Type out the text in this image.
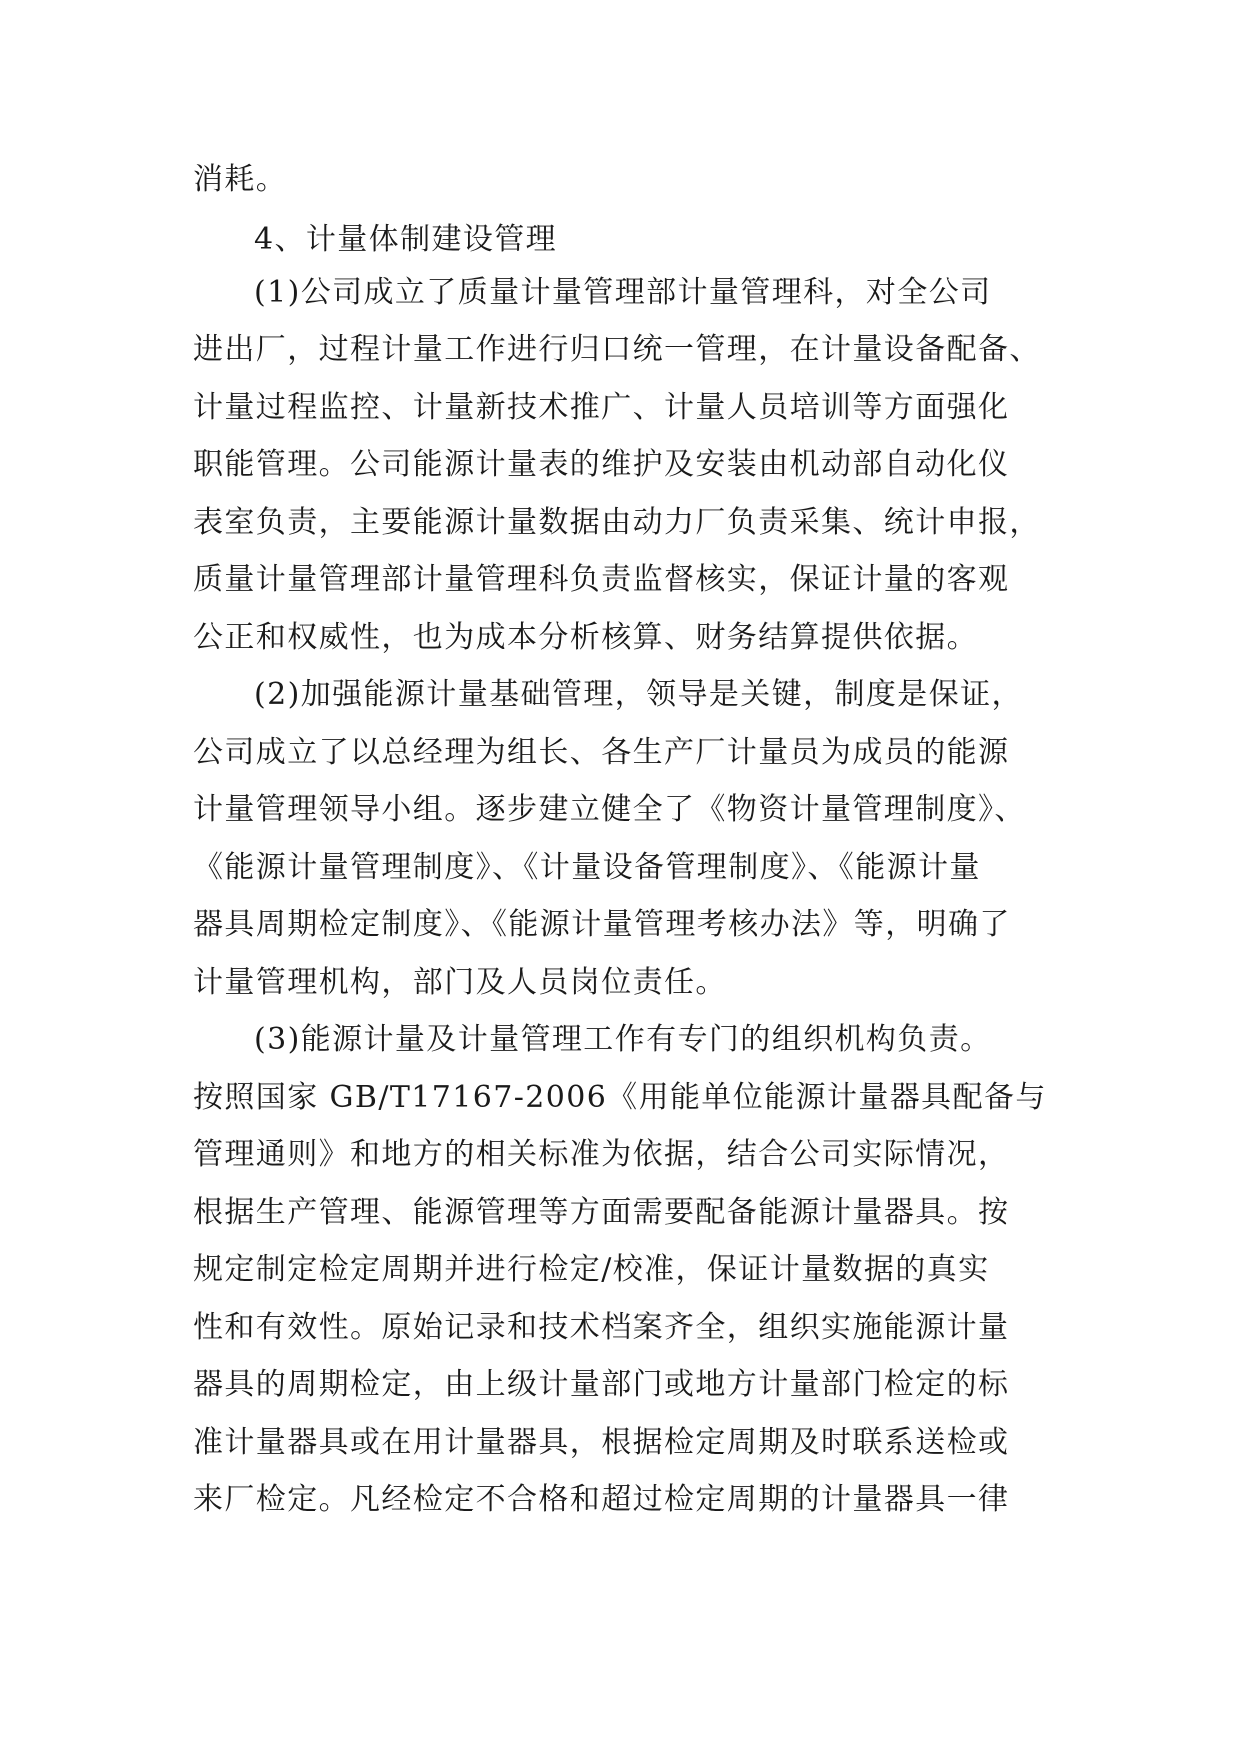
消耗。
4、计量体制建设管理
(1)公司成立了质量计量管理部计量管理科，对全公司
进出厂，过程计量工作进行归口统一管理，在计量设备配备、
计量过程监控、计量新技术推广、计量人员培训等方面强化
职能管理。公司能源计量表的维护及安装由机动部自动化仪
表室负责，主要能源计量数据由动力厂负责采集、统计申报，
质量计量管理部计量管理科负责监督核实，保证计量的客观
公正和权威性，也为成本分析核算、财务结算提供依据。
(2)加强能源计量基础管理，领导是关键，制度是保证，
公司成立了以总经理为组长、各生产厂计量员为成员的能源
计量管理领导小组。逐步建立健全了《物资计量管理制度》、
《能源计量管理制度》、《计量设备管理制度》、《能源计量
器具周期检定制度》、《能源计量管理考核办法》等，明确了
计量管理机构，部门及人员岗位责任。
(3)能源计量及计量管理工作有专门的组织机构负责。
按照国家 GB/T17167-2006《用能单位能源计量器具配备与
管理通则》和地方的相关标准为依据，结合公司实际情况，
根据生产管理、能源管理等方面需要配备能源计量器具。按
规定制定检定周期并进行检定/校准，保证计量数据的真实
性和有效性。原始记录和技术档案齐全，组织实施能源计量
器具的周期检定，由上级计量部门或地方计量部门检定的标
准计量器具或在用计量器具，根据检定周期及时联系送检或
来厂检定。凡经检定不合格和超过检定周期的计量器具一律
